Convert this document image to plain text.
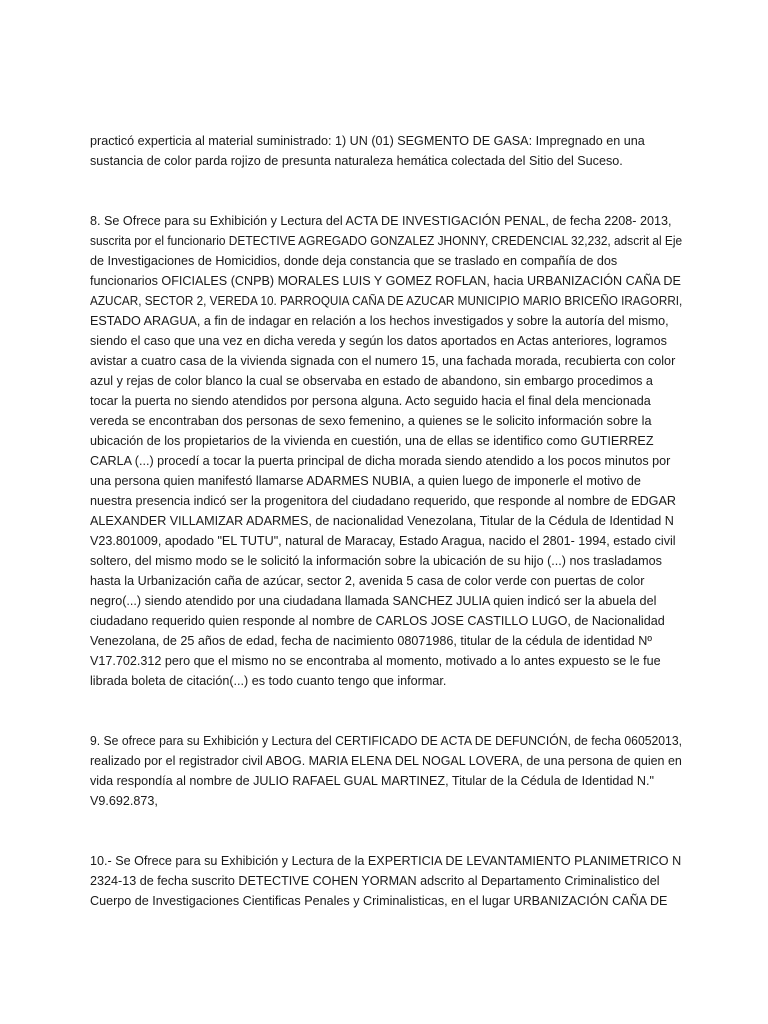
practicó experticia al material suministrado: 1) UN (01) SEGMENTO DE GASA: Impregnado en una
sustancia de color parda rojizo de presunta naturaleza hemática colectada del Sitio del Suceso.
8. Se Ofrece para su Exhibición y Lectura del ACTA DE INVESTIGACIÓN PENAL, de fecha 2208- 2013,
suscrita por el funcionario DETECTIVE AGREGADO GONZALEZ JHONNY, CREDENCIAL 32,232, adscrit al Eje
de Investigaciones de Homicidios, donde deja constancia que se traslado en compañía de dos
funcionarios OFICIALES (CNPB) MORALES LUIS Y GOMEZ ROFLAN, hacia URBANIZACIÓN CAÑA DE
AZUCAR, SECTOR 2, VEREDA 10. PARROQUIA CAÑA DE AZUCAR MUNICIPIO MARIO BRICEÑO IRAGORRI,
ESTADO ARAGUA, a fin de indagar en relación a los hechos investigados y sobre la autoría del mismo,
siendo el caso que una vez en dicha vereda y según los datos aportados en Actas anteriores, logramos
avistar a cuatro casa de la vivienda signada con el numero 15, una fachada morada, recubierta con color
azul y rejas de color blanco la cual se observaba en estado de abandono, sin embargo procedimos a
tocar la puerta no siendo atendidos por persona alguna. Acto seguido hacia el final dela mencionada
vereda se encontraban dos personas de sexo femenino, a quienes se le solicito información sobre la
ubicación de los propietarios de la vivienda en cuestión, una de ellas se identifico como GUTIERREZ
CARLA (...) procedí a tocar la puerta principal de dicha morada siendo atendido a los pocos minutos por
una persona quien manifestó llamarse ADARMES NUBIA, a quien luego de imponerle el motivo de
nuestra presencia indicó ser la progenitora del ciudadano requerido, que responde al nombre de EDGAR
ALEXANDER VILLAMIZAR ADARMES, de nacionalidad Venezolana, Titular de la Cédula de Identidad N
V23.801009, apodado "EL TUTU", natural de Maracay, Estado Aragua, nacido el 2801- 1994, estado civil
soltero, del mismo modo se le solicitó la información sobre la ubicación de su hijo (...) nos trasladamos
hasta la Urbanización caña de azúcar, sector 2, avenida 5 casa de color verde con puertas de color
negro(...) siendo atendido por una ciudadana llamada SANCHEZ JULIA quien indicó ser la abuela del
ciudadano requerido quien responde al nombre de CARLOS JOSE CASTILLO LUGO, de Nacionalidad
Venezolana, de 25 años de edad, fecha de nacimiento 08071986, titular de la cédula de identidad Nº
V17.702.312 pero que el mismo no se encontraba al momento, motivado a lo antes expuesto se le fue
librada boleta de citación(...) es todo cuanto tengo que informar.
9. Se ofrece para su Exhibición y Lectura del CERTIFICADO DE ACTA DE DEFUNCIÓN, de fecha 06052013,
realizado por el registrador civil ABOG. MARIA ELENA DEL NOGAL LOVERA, de una persona de quien en
vida respondía al nombre de JULIO RAFAEL GUAL MARTINEZ, Titular de la Cédula de Identidad N."
V9.692.873,
10.- Se Ofrece para su Exhibición y Lectura de la EXPERTICIA DE LEVANTAMIENTO PLANIMETRICO N
2324-13 de fecha suscrito DETECTIVE COHEN YORMAN adscrito al Departamento Criminalistico del
Cuerpo de Investigaciones Cientificas Penales y Criminalisticas, en el lugar URBANIZACIÓN CAÑA DE
